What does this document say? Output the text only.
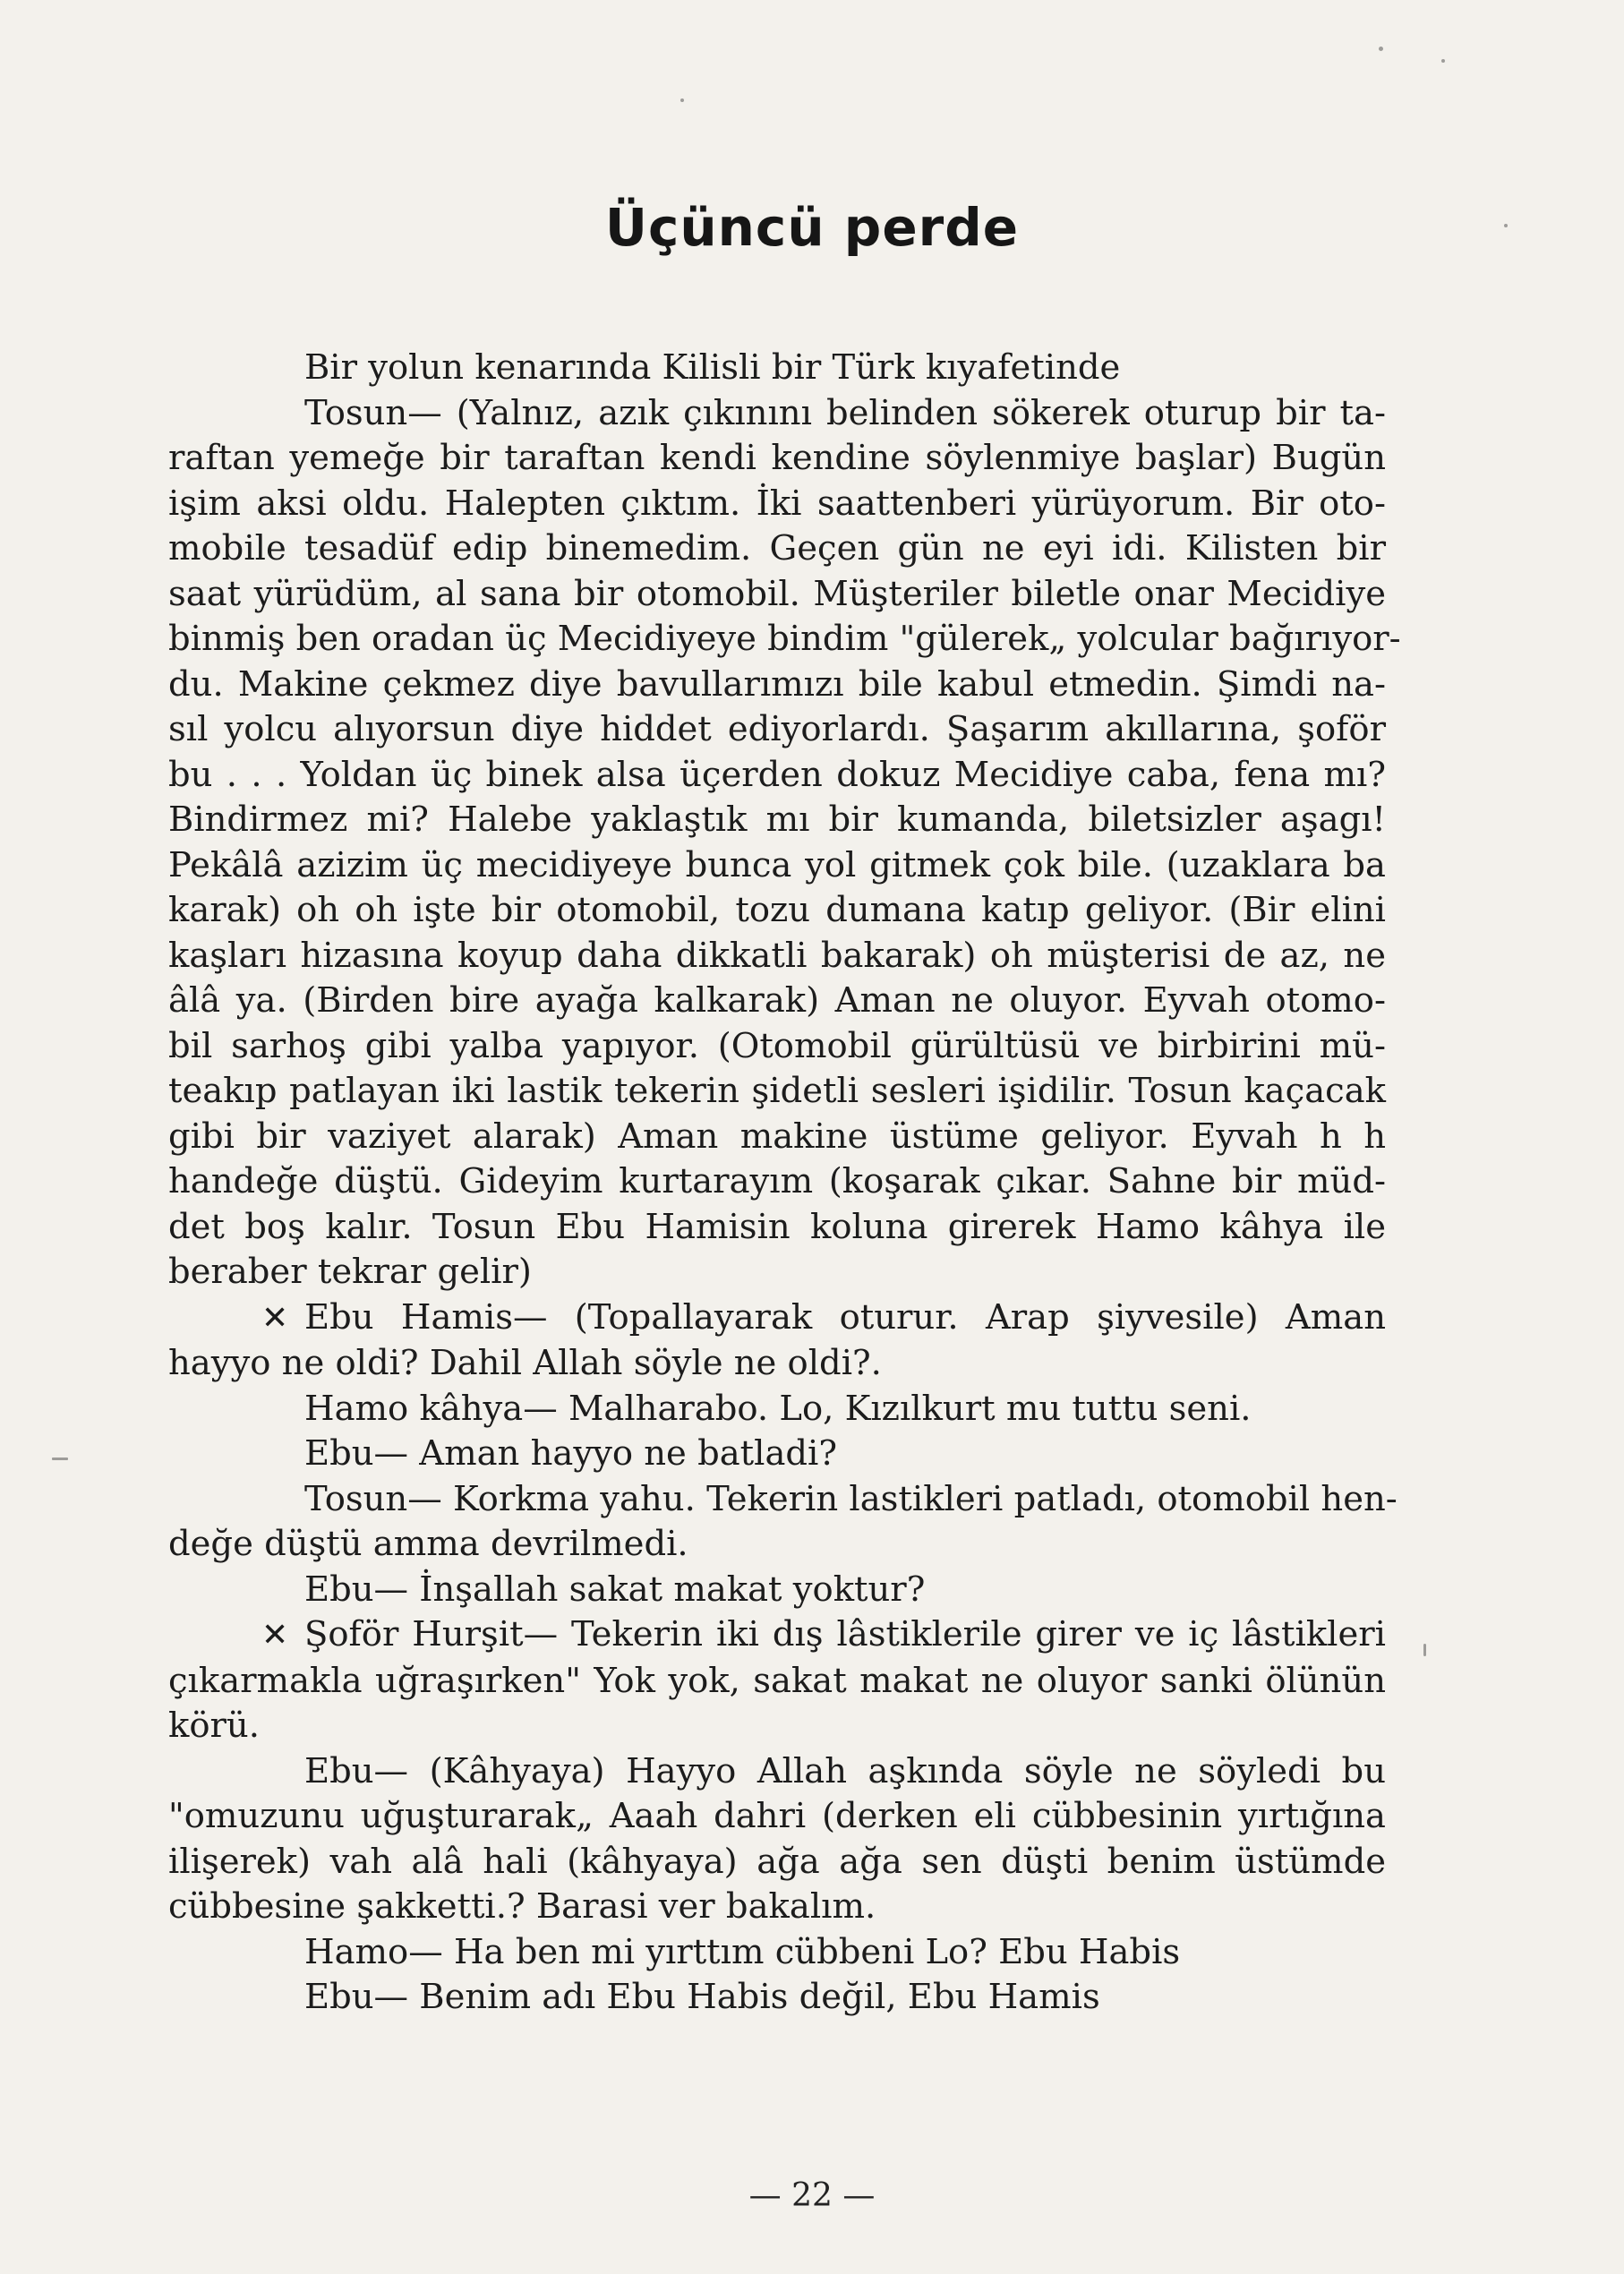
Üçüncü perde
Bir yolun kenarında Kilisli bir Türk kıyafetinde
Tosun— (Yalnız, azık çıkınını belinden sökerek oturup bir ta-
raftan yemeğe bir taraftan kendi kendine söylenmiye başlar) Bugün
işim aksi oldu. Halepten çıktım. İki saattenberi yürüyorum. Bir oto-
mobile tesadüf edip binemedim. Geçen gün ne eyi idi. Kilisten bir
saat yürüdüm, al sana bir otomobil. Müşteriler biletle onar Mecidiye
binmiş ben oradan üç Mecidiyeye bindim "gülerek„ yolcular bağırıyor-
du. Makine çekmez diye bavullarımızı bile kabul etmedin. Şimdi na-
sıl yolcu alıyorsun diye hiddet ediyorlardı. Şaşarım akıllarına, şoför
bu . . . Yoldan üç binek alsa üçerden dokuz Mecidiye caba, fena mı?
Bindirmez mi? Halebe yaklaştık mı bir kumanda, biletsizler aşagı!
Pekâlâ azizim üç mecidiyeye bunca yol gitmek çok bile. (uzaklara ba
karak) oh oh işte bir otomobil, tozu dumana katıp geliyor. (Bir elini
kaşları hizasına koyup daha dikkatli bakarak) oh müşterisi de az, ne
âlâ ya. (Birden bire ayağa kalkarak) Aman ne oluyor. Eyvah otomo-
bil sarhoş gibi yalba yapıyor. (Otomobil gürültüsü ve birbirini mü-
teakıp patlayan iki lastik tekerin şidetli sesleri işidilir. Tosun kaçacak
gibi bir vaziyet alarak) Aman makine üstüme geliyor. Eyvah h h
handeğe düştü. Gideyim kurtarayım (koşarak çıkar. Sahne bir müd-
det boş kalır. Tosun Ebu Hamisin koluna girerek Hamo kâhya ile
beraber tekrar gelir)
✕ Ebu Hamis— (Topallayarak oturur. Arap şiyvesile) Aman
hayyo ne oldi? Dahil Allah söyle ne oldi?.
Hamo kâhya— Malharabo. Lo, Kızılkurt mu tuttu seni.
Ebu— Aman hayyo ne batladi?
Tosun— Korkma yahu. Tekerin lastikleri patladı, otomobil hen-
değe düştü amma devrilmedi.
Ebu— İnşallah sakat makat yoktur?
✕ Şoför Hurşit— Tekerin iki dış lâstiklerile girer ve iç lâstikleri
çıkarmakla uğraşırken" Yok yok, sakat makat ne oluyor sanki ölünün
körü.
Ebu— (Kâhyaya) Hayyo Allah aşkında söyle ne söyledi bu
"omuzunu uğuşturarak„ Aaah dahri (derken eli cübbesinin yırtığına
ilişerek) vah alâ hali (kâhyaya) ağa ağa sen düşti benim üstümde
cübbesine şakketti.? Barasi ver bakalım.
Hamo— Ha ben mi yırttım cübbeni Lo? Ebu Habis
Ebu— Benim adı Ebu Habis değil, Ebu Hamis
— 22 —
